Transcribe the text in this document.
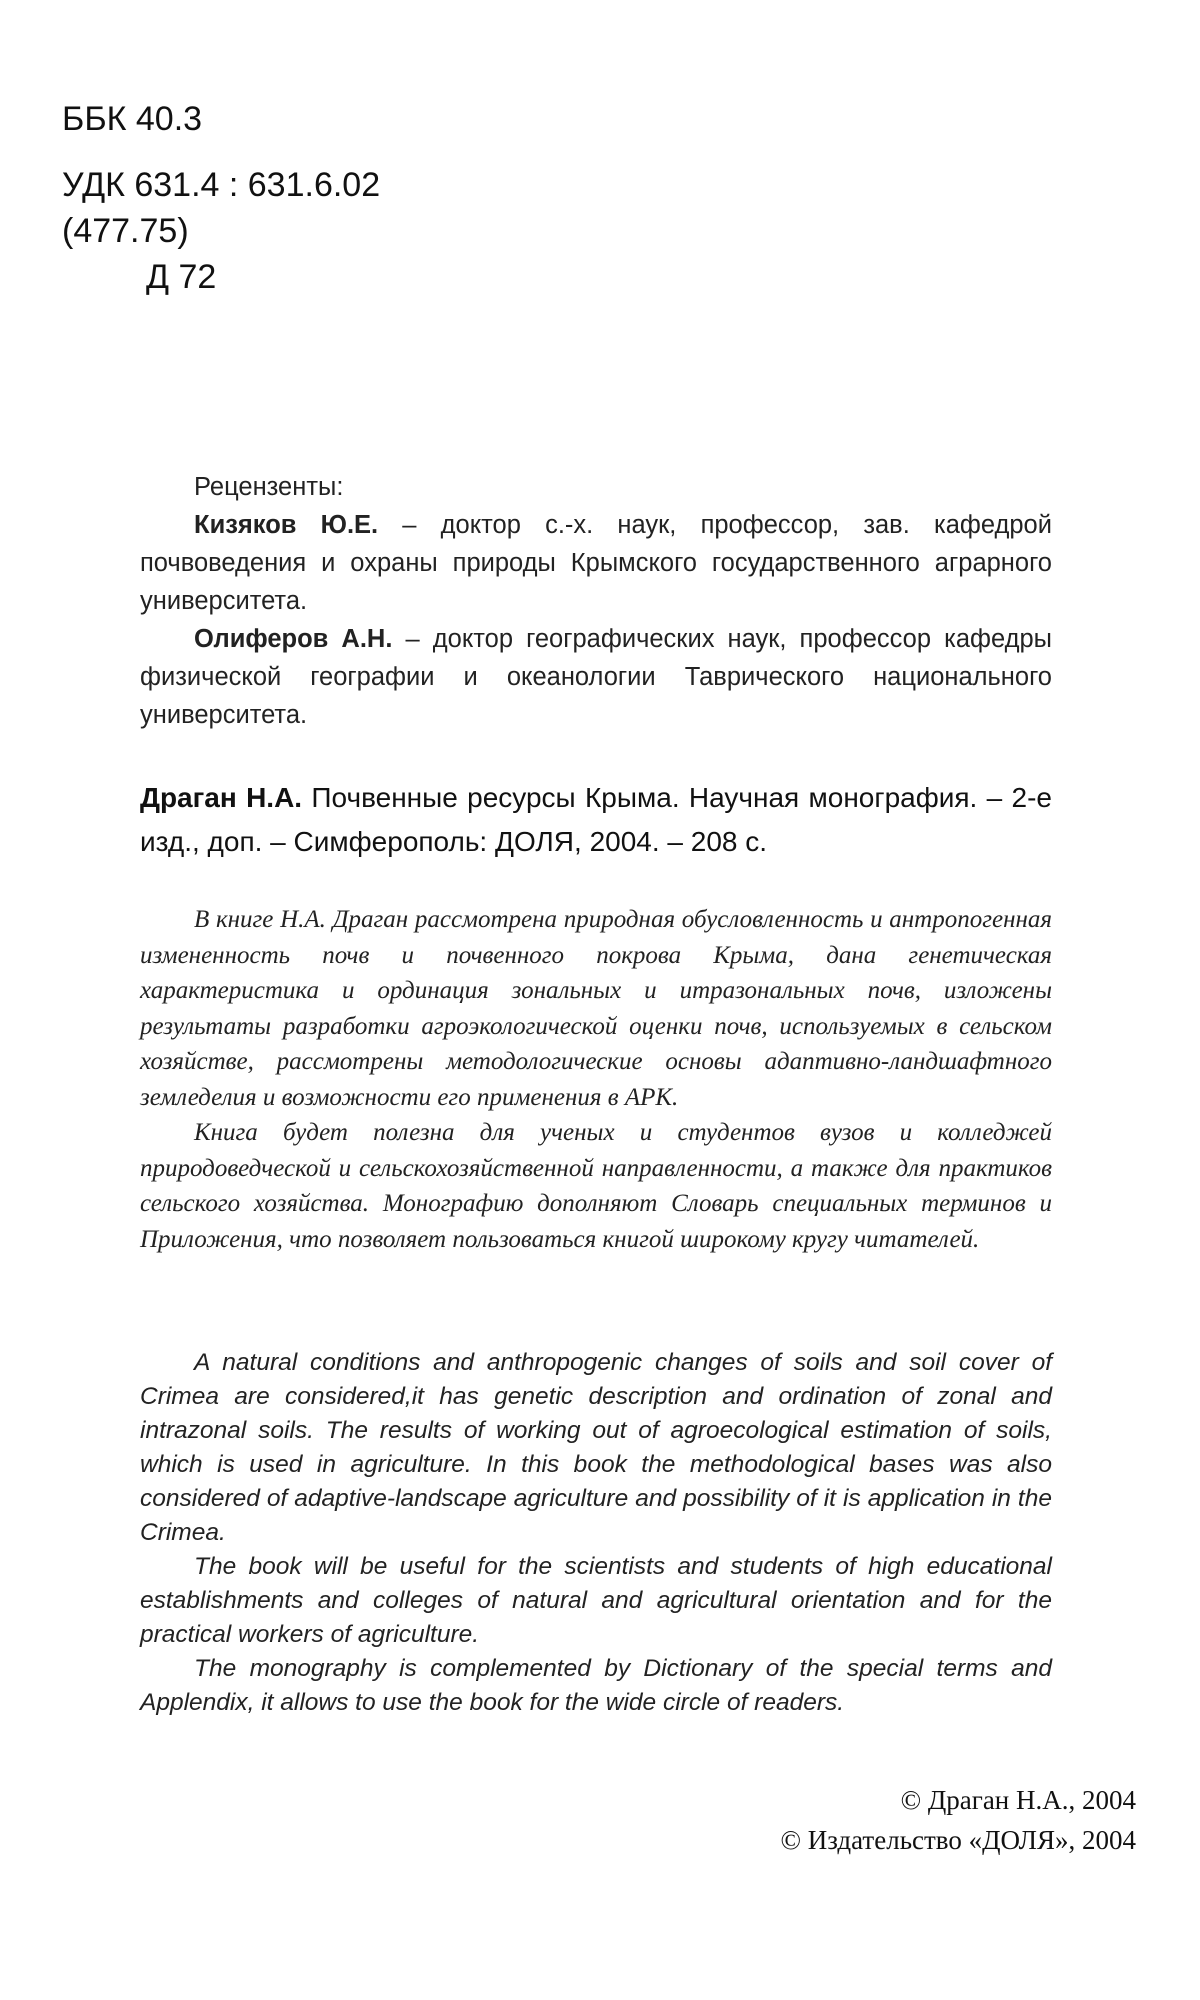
ББК 40.3
УДК 631.4 : 631.6.02
(477.75)
Д 72
Рецензенты:

Кизяков Ю.Е. – доктор с.-х. наук, профессор, зав. кафедрой почвоведения и охраны природы Крымского государственного аграрного университета.

Олиферов А.Н. – доктор географических наук, профессор кафедры физической географии и океанологии Таврического национального университета.

Драган Н.А. Почвенные ресурсы Крыма. Научная монография. – 2-е изд., доп. – Симферополь: ДОЛЯ, 2004. – 208 с.

В книге Н.А. Драган рассмотрена природная обусловленность и антропогенная измененность почв и почвенного покрова Крыма, дана генетическая характеристика и ординация зональных и итразональных почв, изложены результаты разработки агроэкологической оценки почв, используемых в сельском хозяйстве, рассмотрены методологические основы адаптивно-ландшафтного земледелия и возможности его применения в АРК.

Книга будет полезна для ученых и студентов вузов и колледжей природоведческой и сельскохозяйственной направленности, а также для практиков сельского хозяйства. Монографию дополняют Словарь специальных терминов и Приложения, что позволяет пользоваться книгой широкому кругу читателей.

A natural conditions and anthropogenic changes of soils and soil cover of Crimea are considered,it has genetic description and ordination of zonal and intrazonal soils. The results of working out of agroecological estimation of soils, which is used in agriculture. In this book the methodological bases was also considered of adaptive-landscape agriculture and possibility of it is application in the Crimea.

The book will be useful for the scientists and students of high educational establishments and colleges of natural and agricultural orientation and for the practical workers of agriculture.

The monography is complemented by Dictionary of the special terms and Applendix, it allows to use the book for the wide circle of readers.

© Драган Н.А., 2004
© Издательство «ДОЛЯ», 2004
